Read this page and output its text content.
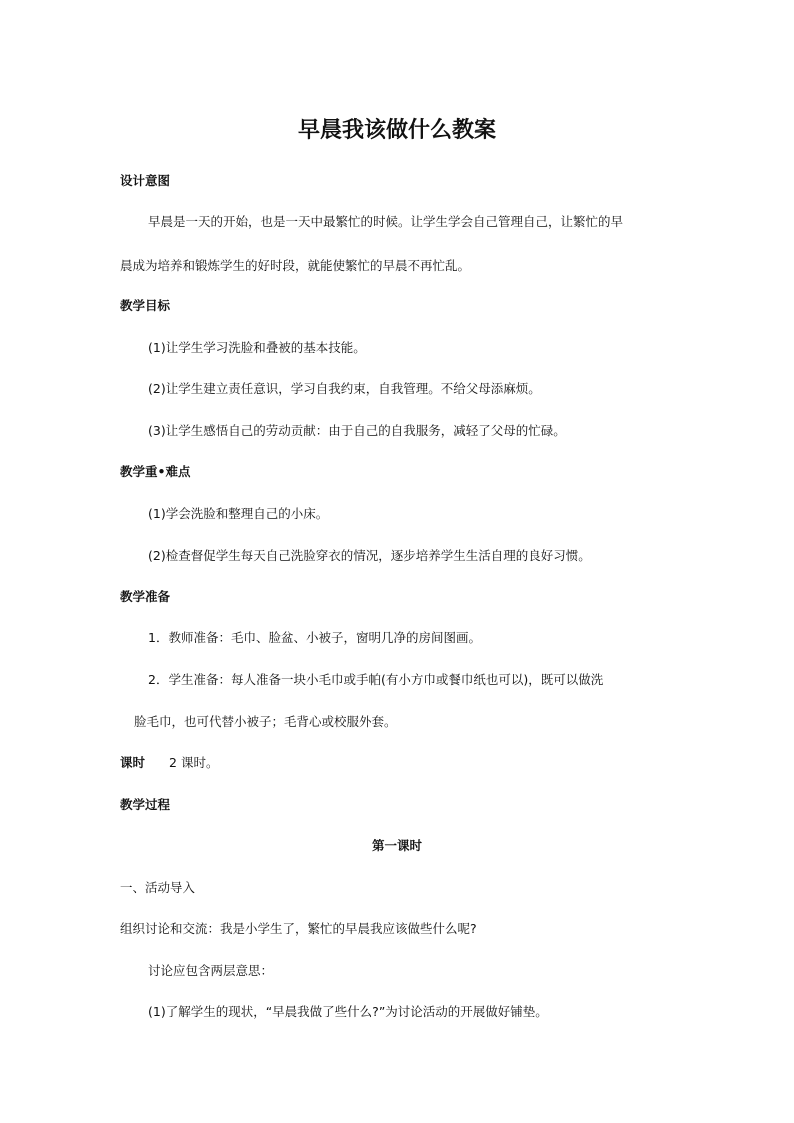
早晨我该做什么教案
设计意图
早晨是一天的开始，也是一天中最繁忙的时候。让学生学会自己管理自己，让繁忙的早
晨成为培养和锻炼学生的好时段，就能使繁忙的早晨不再忙乱。
教学目标
(1)让学生学习洗脸和叠被的基本技能。
(2)让学生建立责任意识，学习自我约束，自我管理。不给父母添麻烦。
(3)让学生感悟自己的劳动贡献：由于自己的自我服务，减轻了父母的忙碌。
教学重•难点
(1)学会洗脸和整理自己的小床。
(2)检查督促学生每天自己洗脸穿衣的情况，逐步培养学生生活自理的良好习惯。
教学准备
1．教师准备：毛巾、脸盆、小被子，窗明几净的房间图画。
2．学生准备：每人准备一块小毛巾或手帕(有小方巾或餐巾纸也可以)，既可以做洗
脸毛巾，也可代替小被子；毛背心或校服外套。
课时 2 课时。
教学过程
第一课时
一、活动导入
组织讨论和交流：我是小学生了，繁忙的早晨我应该做些什么呢?
讨论应包含两层意思：
(1)了解学生的现状，“早晨我做了些什么?”为讨论活动的开展做好铺垫。
